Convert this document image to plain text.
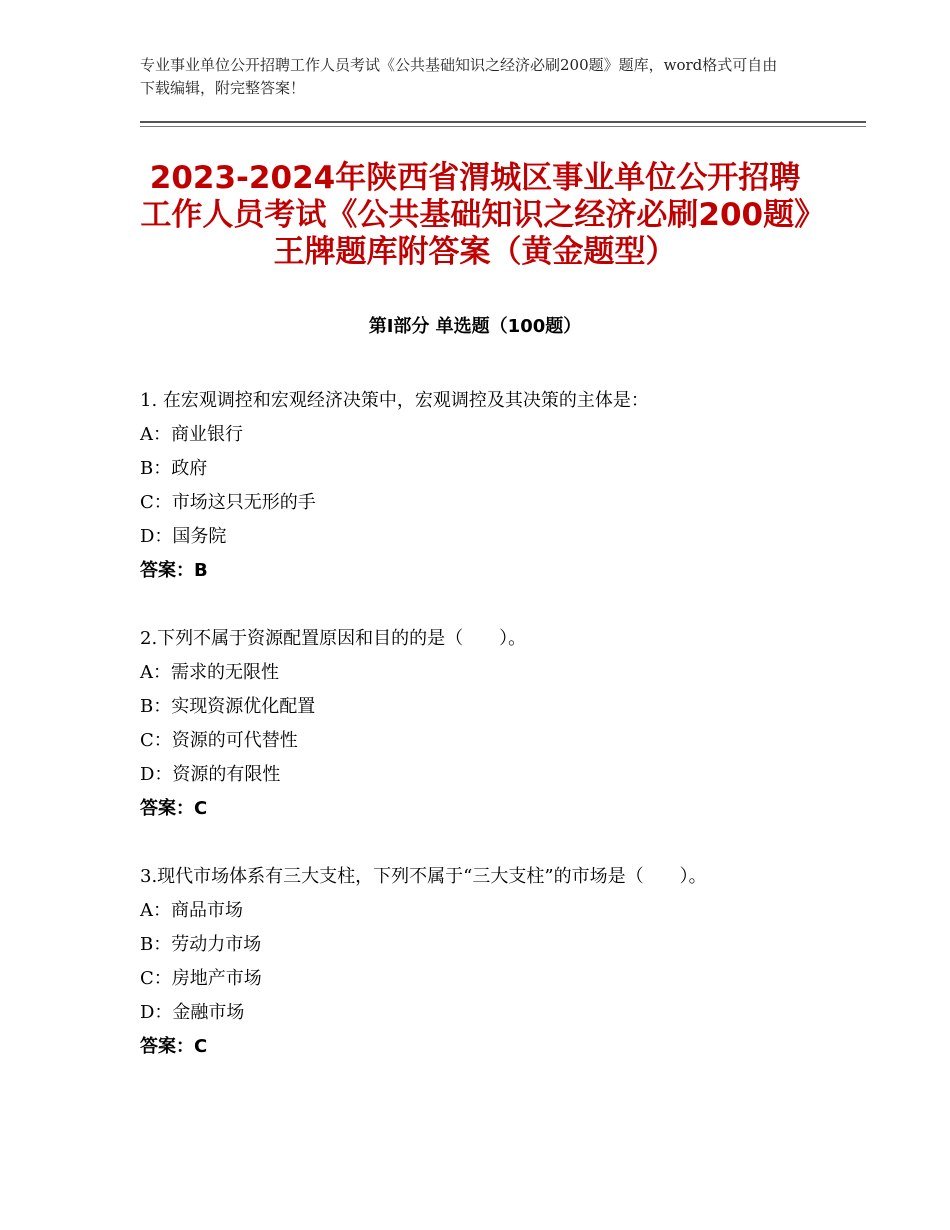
专业事业单位公开招聘工作人员考试《公共基础知识之经济必刷200题》题库，word格式可自由下载编辑，附完整答案！
2023-2024年陕西省渭城区事业单位公开招聘工作人员考试《公共基础知识之经济必刷200题》王牌题库附答案（黄金题型）
第Ⅰ部分 单选题（100题）
1. 在宏观调控和宏观经济决策中，宏观调控及其决策的主体是：
A：商业银行
B：政府
C：市场这只无形的手
D：国务院
答案：B
2.下列不属于资源配置原因和目的的是（　　）。
A：需求的无限性
B：实现资源优化配置
C：资源的可代替性
D：资源的有限性
答案：C
3.现代市场体系有三大支柱，下列不属于“三大支柱”的市场是（　　）。
A：商品市场
B：劳动力市场
C：房地产市场
D：金融市场
答案：C
